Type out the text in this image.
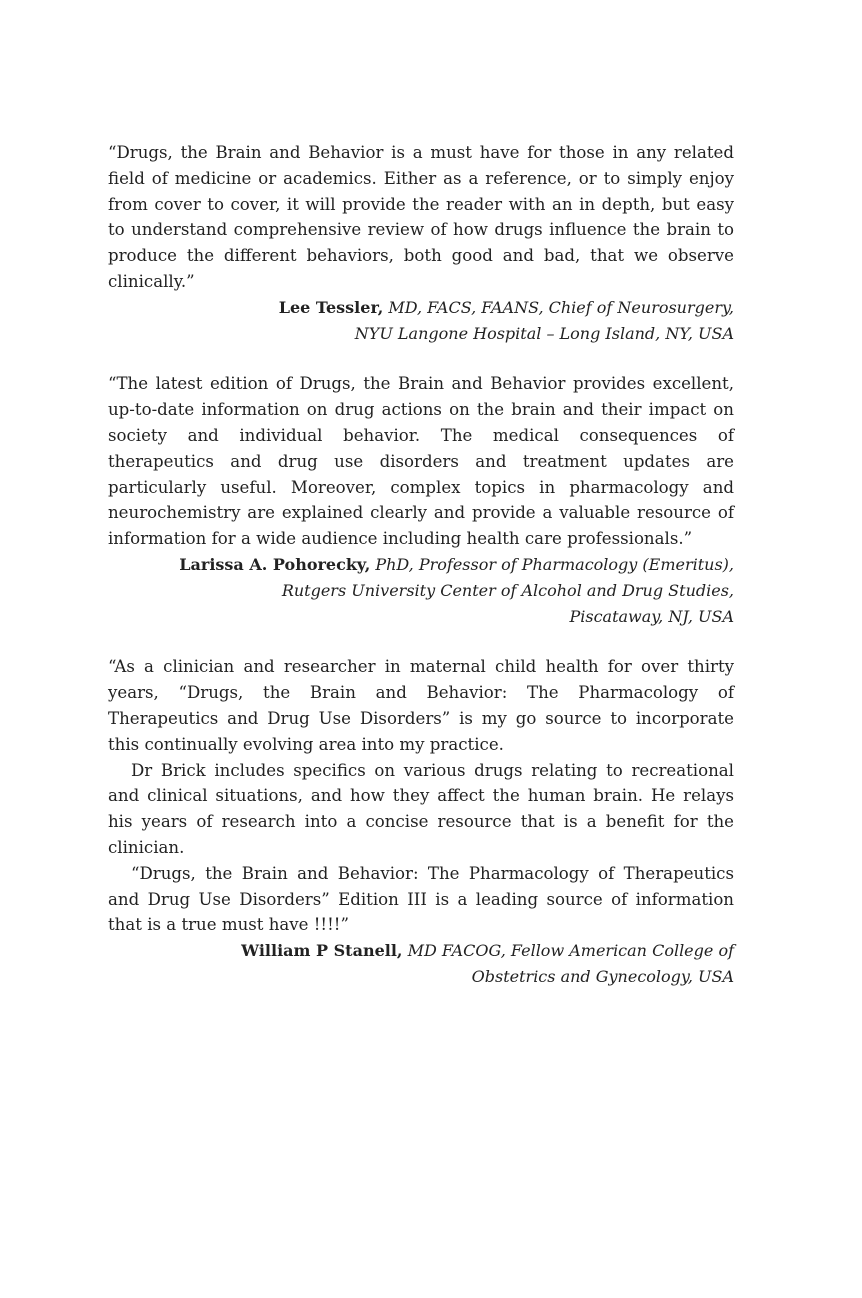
“Drugs, the Brain and Behavior is a must have for those in any related field of medicine or academics. Either as a reference, or to simply enjoy from cover to cover, it will provide the reader with an in depth, but easy to understand comprehensive review of how drugs influence the brain to produce the different behaviors, both good and bad, that we observe clinically.”

Lee Tessler, MD, FACS, FAANS, Chief of Neurosurgery,
NYU Langone Hospital – Long Island, NY, USA

“The latest edition of Drugs, the Brain and Behavior provides excellent, up-to-date information on drug actions on the brain and their impact on society and individual behavior. The medical consequences of therapeutics and drug use disorders and treatment updates are particularly useful. Moreover, complex topics in pharmacology and neurochemistry are explained clearly and provide a valuable resource of information for a wide audience including health care professionals.”

Larissa A. Pohorecky, PhD, Professor of Pharmacology (Emeritus),
Rutgers University Center of Alcohol and Drug Studies,
Piscataway, NJ, USA

“As a clinician and researcher in maternal child health for over thirty years, “Drugs, the Brain and Behavior: The Pharmacology of Therapeutics and Drug Use Disorders” is my go source to incorporate this continually evolving area into my practice.

Dr Brick includes specifics on various drugs relating to recreational and clinical situations, and how they affect the human brain. He relays his years of research into a concise resource that is a benefit for the clinician.

“Drugs, the Brain and Behavior: The Pharmacology of Therapeutics and Drug Use Disorders” Edition III is a leading source of information that is a true must have !!!!”

William P Stanell, MD FACOG, Fellow American College of
Obstetrics and Gynecology, USA
